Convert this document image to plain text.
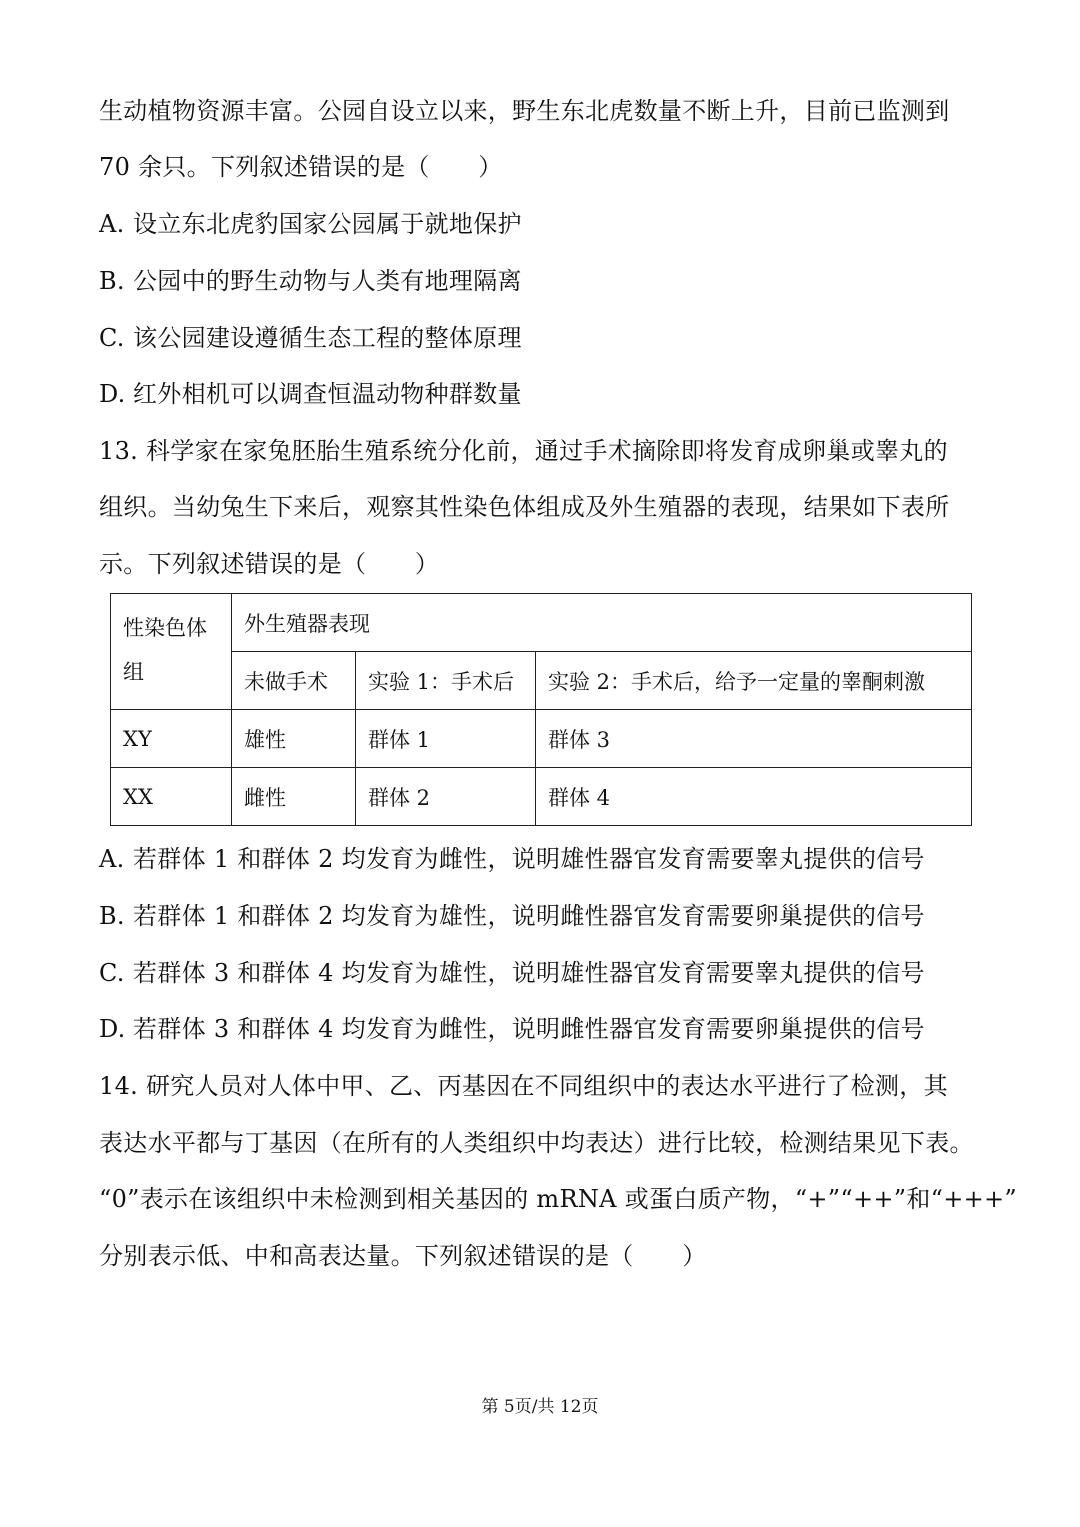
生动植物资源丰富。公园自设立以来，野生东北虎数量不断上升，目前已监测到
70 余只。下列叙述错误的是（　　）
A. 设立东北虎豹国家公园属于就地保护
B. 公园中的野生动物与人类有地理隔离
C. 该公园建设遵循生态工程的整体原理
D. 红外相机可以调查恒温动物种群数量
13. 科学家在家兔胚胎生殖系统分化前，通过手术摘除即将发育成卵巢或睾丸的
组织。当幼兔生下来后，观察其性染色体组成及外生殖器的表现，结果如下表所
示。下列叙述错误的是（　　）
性染色体组	外生殖器表现		
	未做手术	实验 1：手术后	实验 2：手术后，给予一定量的睾酮刺激
XY	雄性	群体 1	群体 3
XX	雌性	群体 2	群体 4
A. 若群体 1 和群体 2 均发育为雌性，说明雄性器官发育需要睾丸提供的信号
B. 若群体 1 和群体 2 均发育为雄性，说明雌性器官发育需要卵巢提供的信号
C. 若群体 3 和群体 4 均发育为雄性，说明雄性器官发育需要睾丸提供的信号
D. 若群体 3 和群体 4 均发育为雌性，说明雌性器官发育需要卵巢提供的信号
14. 研究人员对人体中甲、乙、丙基因在不同组织中的表达水平进行了检测，其
表达水平都与丁基因（在所有的人类组织中均表达）进行比较，检测结果见下表。
“0”表示在该组织中未检测到相关基因的 mRNA 或蛋白质产物，“+”“++”和“+++”
分别表示低、中和高表达量。下列叙述错误的是（　　）
第 5页/共 12页
